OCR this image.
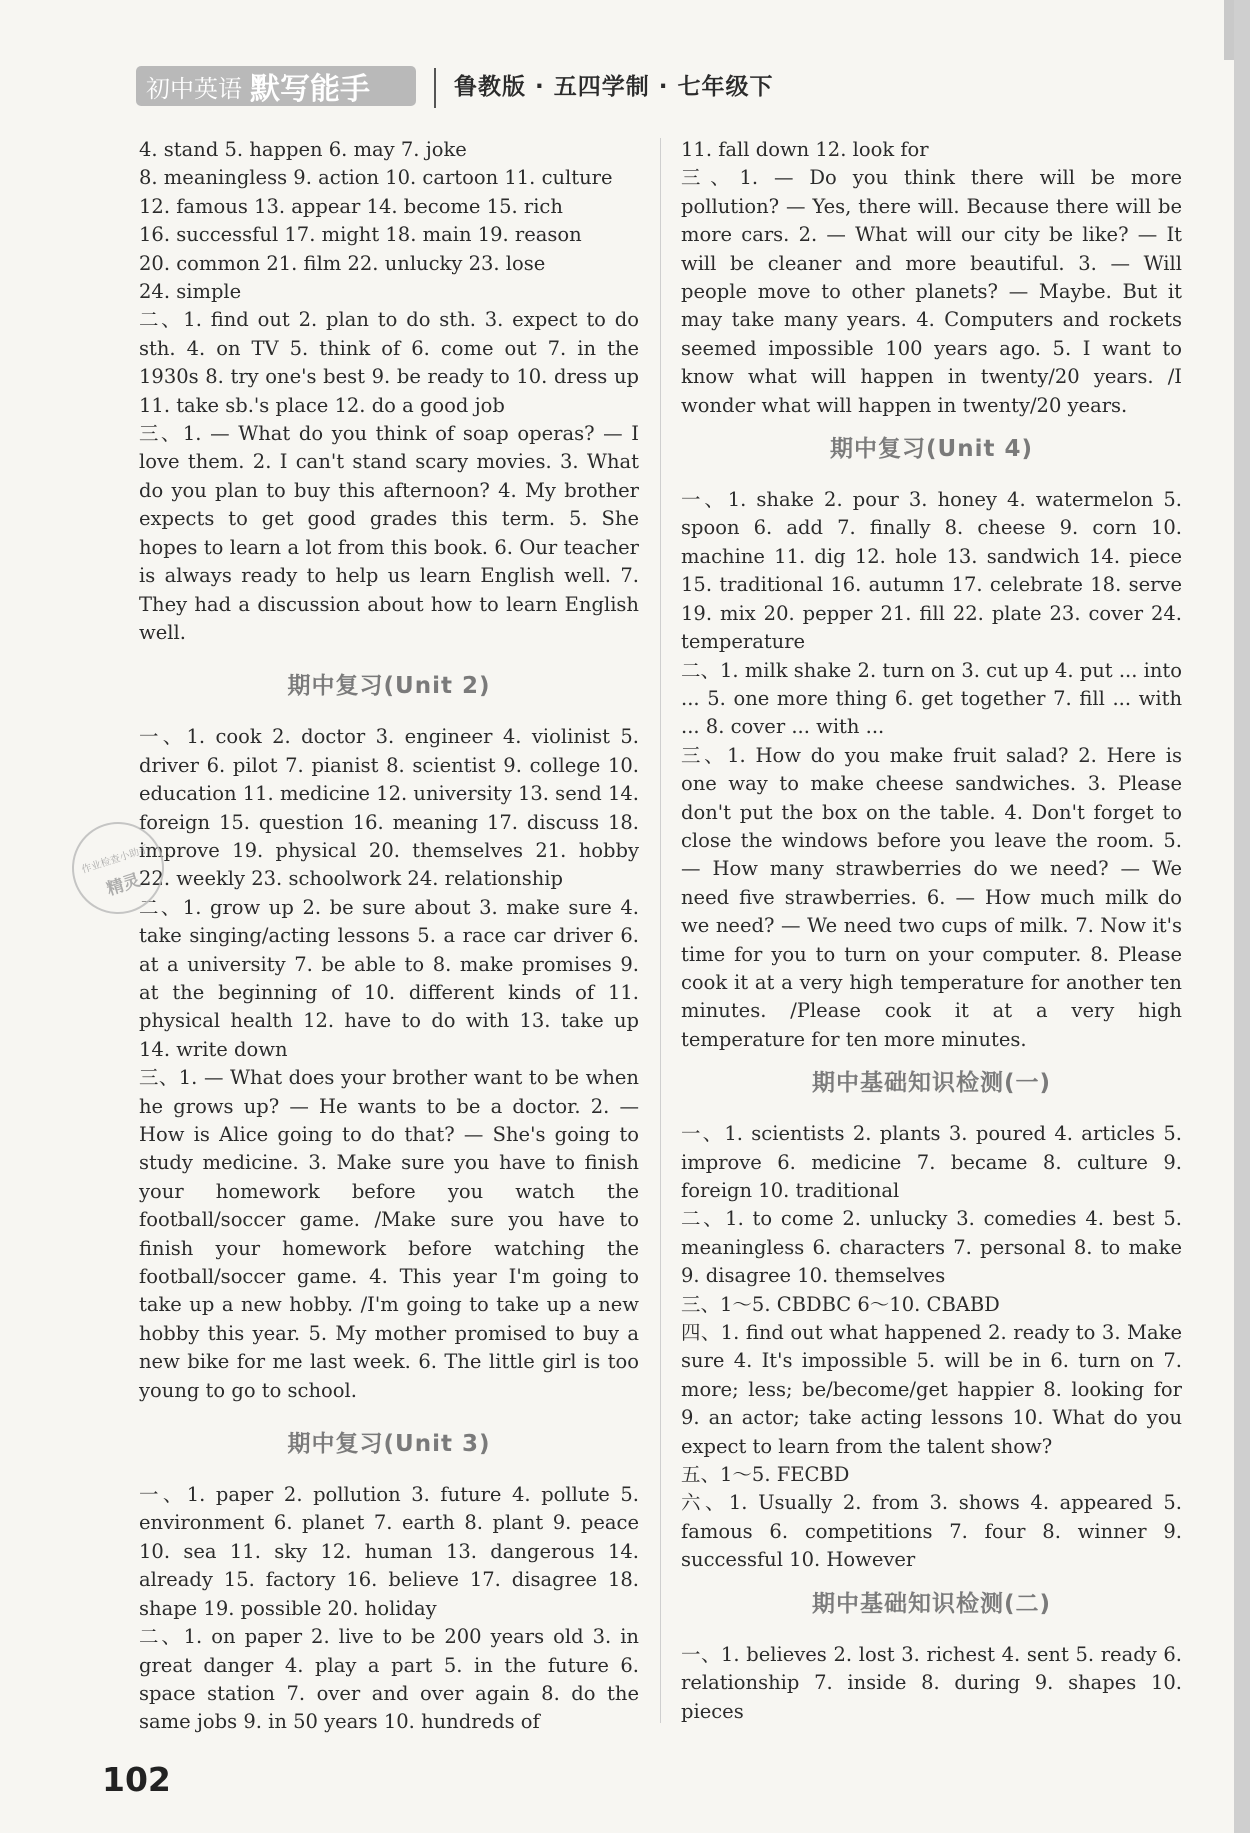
初中英语 默写能手	鲁教版 · 五四学制 · 七年级下

4. stand 5. happen 6. may 7. joke

8. meaningless 9. action 10. cartoon 11. culture

12. famous 13. appear 14. become 15. rich

16. successful 17. might 18. main 19. reason

20. common 21. film 22. unlucky 23. lose

24. simple

二、1. find out 2. plan to do sth. 3. expect to do sth. 4. on TV 5. think of 6. come out 7. in the 1930s 8. try one's best 9. be ready to 10. dress up 11. take sb.'s place 12. do a good job

三、1. — What do you think of soap operas? — I love them. 2. I can't stand scary movies. 3. What do you plan to buy this afternoon? 4. My brother expects to get good grades this term. 5. She hopes to learn a lot from this book. 6. Our teacher is always ready to help us learn English well. 7. They had a discussion about how to learn English well.

期中复习(Unit 2)

一、1. cook 2. doctor 3. engineer 4. violinist 5. driver 6. pilot 7. pianist 8. scientist 9. college 10. education 11. medicine 12. university 13. send 14. foreign 15. question 16. meaning 17. discuss 18. improve 19. physical 20. themselves 21. hobby 22. weekly 23. schoolwork 24. relationship

二、1. grow up 2. be sure about 3. make sure 4. take singing/acting lessons 5. a race car driver 6. at a university 7. be able to 8. make promises 9. at the beginning of 10. different kinds of 11. physical health 12. have to do with 13. take up 14. write down

三、1. — What does your brother want to be when he grows up? — He wants to be a doctor. 2. — How is Alice going to do that? — She's going to study medicine. 3. Make sure you have to finish your homework before you watch the football/soccer game. /Make sure you have to finish your homework before watching the football/soccer game. 4. This year I'm going to take up a new hobby. /I'm going to take up a new hobby this year. 5. My mother promised to buy a new bike for me last week. 6. The little girl is too young to go to school.

期中复习(Unit 3)

一、1. paper 2. pollution 3. future 4. pollute 5. environment 6. planet 7. earth 8. plant 9. peace 10. sea 11. sky 12. human 13. dangerous 14. already 15. factory 16. believe 17. disagree 18. shape 19. possible 20. holiday

二、1. on paper 2. live to be 200 years old 3. in great danger 4. play a part 5. in the future 6. space station 7. over and over again 8. do the same jobs 9. in 50 years 10. hundreds of

11. fall down 12. look for

三、1. — Do you think there will be more pollution? — Yes, there will. Because there will be more cars. 2. — What will our city be like? — It will be cleaner and more beautiful. 3. — Will people move to other planets? — Maybe. But it may take many years. 4. Computers and rockets seemed impossible 100 years ago. 5. I want to know what will happen in twenty/20 years. /I wonder what will happen in twenty/20 years.

期中复习(Unit 4)

一、1. shake 2. pour 3. honey 4. watermelon 5. spoon 6. add 7. finally 8. cheese 9. corn 10. machine 11. dig 12. hole 13. sandwich 14. piece 15. traditional 16. autumn 17. celebrate 18. serve 19. mix 20. pepper 21. fill 22. plate 23. cover 24. temperature

二、1. milk shake 2. turn on 3. cut up 4. put ... into ... 5. one more thing 6. get together 7. fill ... with ... 8. cover ... with ...

三、1. How do you make fruit salad? 2. Here is one way to make cheese sandwiches. 3. Please don't put the box on the table. 4. Don't forget to close the windows before you leave the room. 5. — How many strawberries do we need? — We need five strawberries. 6. — How much milk do we need? — We need two cups of milk. 7. Now it's time for you to turn on your computer. 8. Please cook it at a very high temperature for another ten minutes. /Please cook it at a very high temperature for ten more minutes.

期中基础知识检测(一)

一、1. scientists 2. plants 3. poured 4. articles 5. improve 6. medicine 7. became 8. culture 9. foreign 10. traditional

二、1. to come 2. unlucky 3. comedies 4. best 5. meaningless 6. characters 7. personal 8. to make 9. disagree 10. themselves

三、1～5. CBDBC 6～10. CBABD

四、1. find out what happened 2. ready to 3. Make sure 4. It's impossible 5. will be in 6. turn on 7. more; less; be/become/get happier 8. looking for 9. an actor; take acting lessons 10. What do you expect to learn from the talent show?

五、1～5. FECBD

六、1. Usually 2. from 3. shows 4. appeared 5. famous 6. competitions 7. four 8. winner 9. successful 10. However

期中基础知识检测(二)

一、1. believes 2. lost 3. richest 4. sent 5. ready 6. relationship 7. inside 8. during 9. shapes 10. pieces

作业检查小助手
精灵
102
